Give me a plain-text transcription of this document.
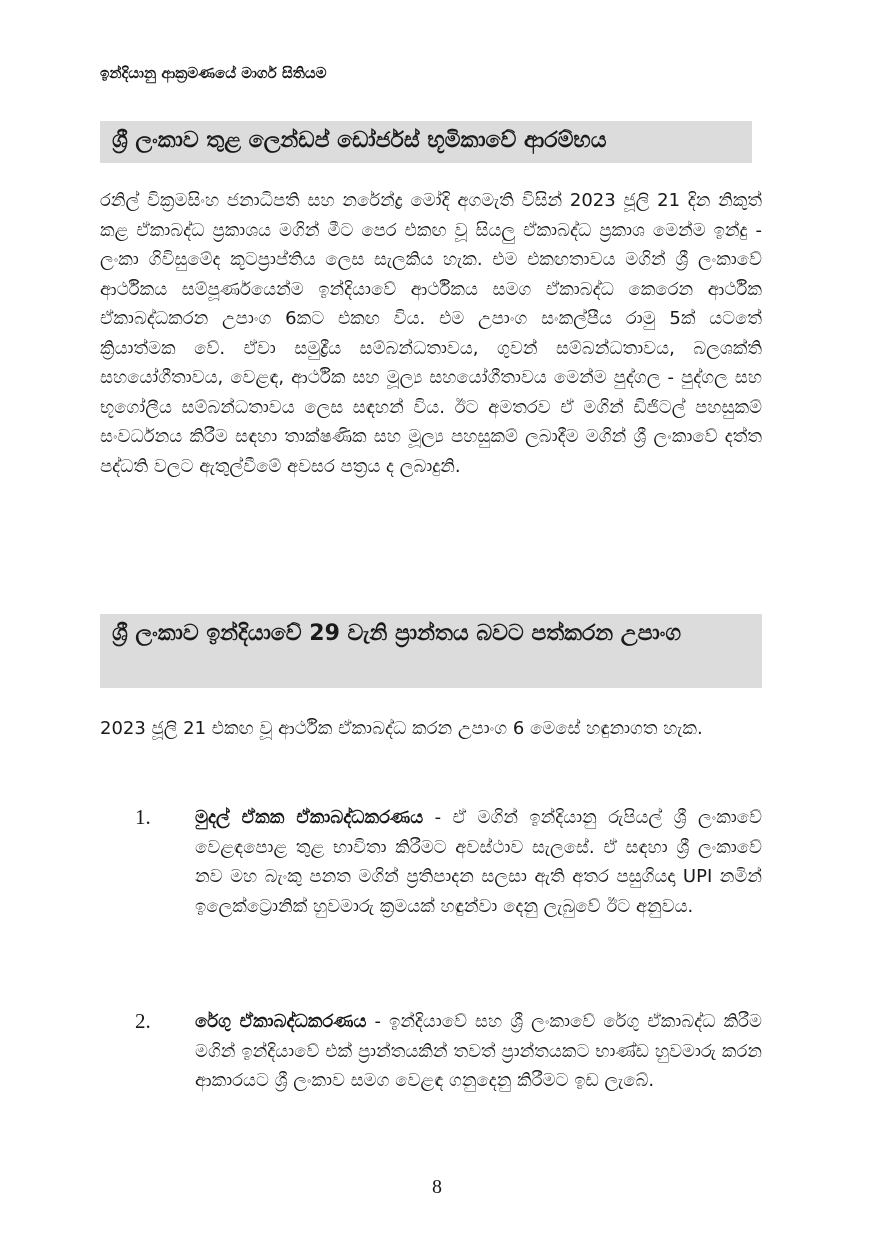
ඉන්දියානු ආක්‍රමණයේ මාර්ග සිතියම
ශ්‍රී ලංකාව තුළ ලෙන්ඩප් ඩෝර්ජස් භූමිකාවේ ආරම්භය
රනිල් වික්‍රමසිංහ ජනාධිපති සහ නරේන්ද්‍ර මෝදි අගමැති විසින් 2023 ජූලි 21 දින නිකුත් කළ ඒකාබද්ධ ප්‍රකාශය මගින් මීට පෙර එකඟ වූ සියලු ඒකාබද්ධ ප්‍රකාශ මෙන්ම ඉන්දු - ලංකා ගිවිසුමේද කූටප්‍රාප්තිය ලෙස සැලකිය හැක. එම එකඟතාවය මගින් ශ්‍රී ලංකාවේ ආර්ථිකය සම්පූර්ණයෙන්ම ඉන්දියාවේ ආර්ථිකය සමග ඒකාබද්ධ කෙරෙන ආර්ථික ඒකාබද්ධකරන උපාංග 6කට එකඟ විය. එම උපාංග සංකල්පීය රාමු 5ක් යටතේ ක්‍රියාත්මක වේ. ඒවා සමුද්‍රීය සම්බන්ධතාවය, ගුවන් සම්බන්ධතාවය, බලශක්ති සහයෝගීතාවය, වෙළඳ, ආර්ථික සහ මූල්‍ය සහයෝගීතාවය මෙන්ම පුද්ගල - පුද්ගල සහ භූගෝලීය සම්බන්ධතාවය ලෙස සඳහන් විය. ඊට අමතරව ඒ මගින් ඩිජිටල් පහසුකම් සංවර්ධනය කිරීම සඳහා තාක්ෂණික සහ මූල්‍ය පහසුකම් ලබාදීම මගින් ශ්‍රී ලංකාවේ දත්ත පද්ධති වලට ඇතුල්වීමේ අවසර පත්‍රය ද ලබාදුනි.
ශ්‍රී ලංකාව ඉන්දියාවේ 29 වැනි ප්‍රාන්තය බවට පත්කරන උපාංග
2023 ජූලි 21 එකඟ වූ ආර්ථික ඒකාබද්ධ කරන උපාංග 6 මෙසේ හඳුනාගත හැක.
1. මුදල් ඒකක ඒකාබද්ධකරණය - ඒ මගින් ඉන්දියානු රුපියල් ශ්‍රී ලංකාවේ වෙළඳපොළ තුළ භාවිතා කිරීමට අවස්ථාව සැලසේ. ඒ සඳහා ශ්‍රී ලංකාවේ නව මහ බැංකු පනත මගින් ප්‍රතිපාදන සලසා ඇති අතර පසුගියදා UPI නමින් ඉලෙක්ට්‍රොනික් හුවමාරු ක්‍රමයක් හඳුන්වා දෙනු ලැබුවේ ඊට අනුවය.
2. රේගු ඒකාබද්ධකරණය - ඉන්දියාවේ සහ ශ්‍රී ලංකාවේ රේගු ඒකාබද්ධ කිරීම මගින් ඉන්දියාවේ එක් ප්‍රාන්තයකින් තවත් ප්‍රාන්තයකට භාණ්ඩ හුවමාරු කරන ආකාරයට ශ්‍රී ලංකාව සමග වෙළඳ ගනුදෙනු කිරීමට ඉඩ ලැබේ.
8
